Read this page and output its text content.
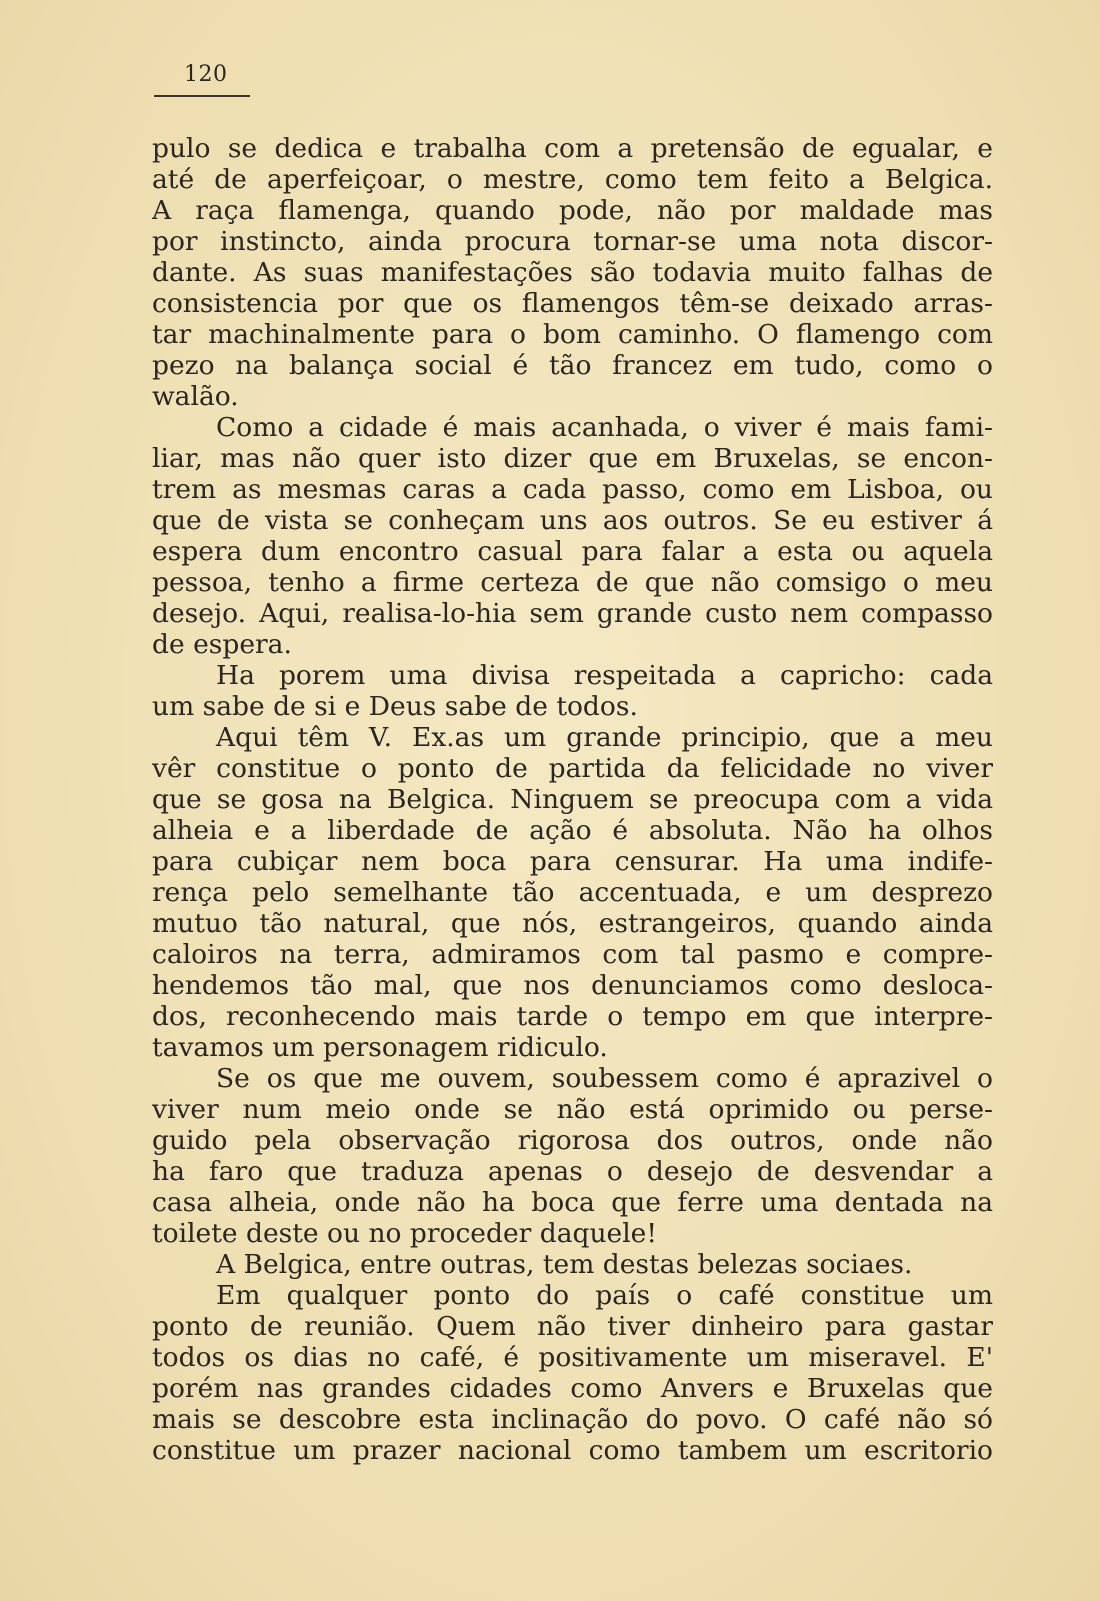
120
pulo se dedica e trabalha com a pretensão de egualar, e
até de aperfeiçoar, o mestre, como tem feito a Belgica.
A raça flamenga, quando pode, não por maldade mas
por instincto, ainda procura tornar-se uma nota discor-
dante. As suas manifestações são todavia muito falhas de
consistencia por que os flamengos têm-se deixado arras-
tar machinalmente para o bom caminho. O flamengo com
pezo na balança social é tão francez em tudo, como o
walão.
Como a cidade é mais acanhada, o viver é mais fami-
liar, mas não quer isto dizer que em Bruxelas, se encon-
trem as mesmas caras a cada passo, como em Lisboa, ou
que de vista se conheçam uns aos outros. Se eu estiver á
espera dum encontro casual para falar a esta ou aquela
pessoa, tenho a firme certeza de que não comsigo o meu
desejo. Aqui, realisa-lo-hia sem grande custo nem compasso
de espera.
Ha porem uma divisa respeitada a capricho: cada
um sabe de si e Deus sabe de todos.
Aqui têm V. Ex.as um grande principio, que a meu
vêr constitue o ponto de partida da felicidade no viver
que se gosa na Belgica. Ninguem se preocupa com a vida
alheia e a liberdade de ação é absoluta. Não ha olhos
para cubiçar nem boca para censurar. Ha uma indife-
rença pelo semelhante tão accentuada, e um desprezo
mutuo tão natural, que nós, estrangeiros, quando ainda
caloiros na terra, admiramos com tal pasmo e compre-
hendemos tão mal, que nos denunciamos como desloca-
dos, reconhecendo mais tarde o tempo em que interpre-
tavamos um personagem ridiculo.
Se os que me ouvem, soubessem como é aprazivel o
viver num meio onde se não está oprimido ou perse-
guido pela observação rigorosa dos outros, onde não
ha faro que traduza apenas o desejo de desvendar a
casa alheia, onde não ha boca que ferre uma dentada na
toilete deste ou no proceder daquele!
A Belgica, entre outras, tem destas belezas sociaes.
Em qualquer ponto do país o café constitue um
ponto de reunião. Quem não tiver dinheiro para gastar
todos os dias no café, é positivamente um miseravel. E'
porém nas grandes cidades como Anvers e Bruxelas que
mais se descobre esta inclinação do povo. O café não só
constitue um prazer nacional como tambem um escritorio
